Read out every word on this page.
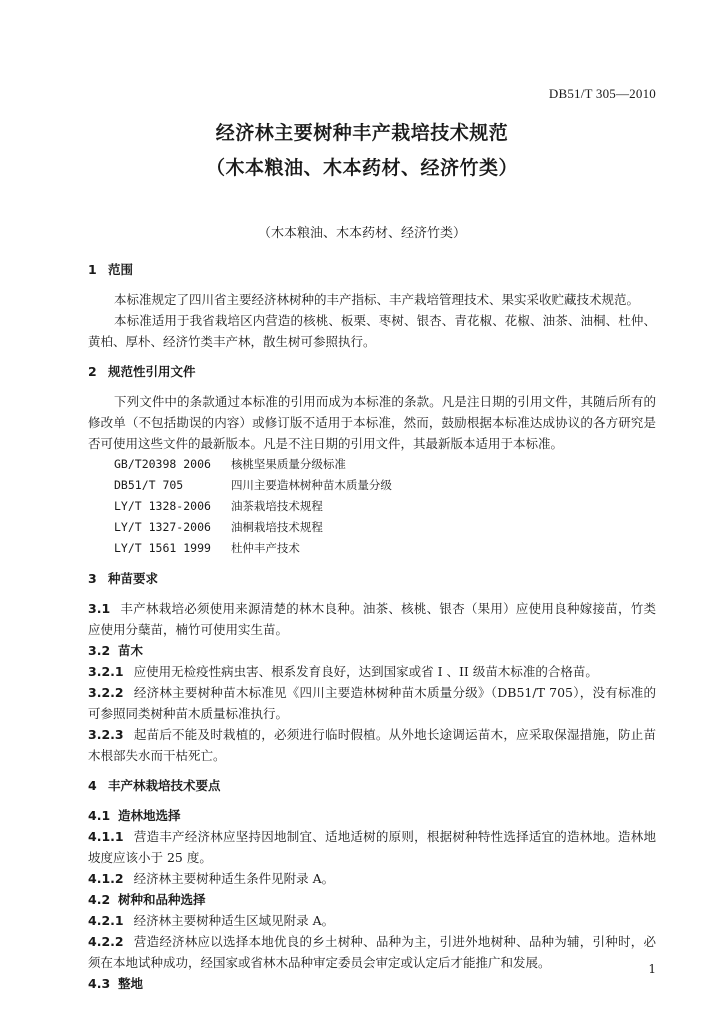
DB51/T 305—2010
经济林主要树种丰产栽培技术规范
（木本粮油、木本药材、经济竹类）
（木本粮油、木本药材、经济竹类）
1 范围
本标准规定了四川省主要经济林树种的丰产指标、丰产栽培管理技术、果实采收贮藏技术规范。
本标准适用于我省栽培区内营造的核桃、板栗、枣树、银杏、青花椒、花椒、油茶、油桐、杜仲、黄柏、厚朴、经济竹类丰产林，散生树可参照执行。
2 规范性引用文件
下列文件中的条款通过本标准的引用而成为本标准的条款。凡是注日期的引用文件，其随后所有的修改单（不包括勘误的内容）或修订版不适用于本标准，然而，鼓励根据本标准达成协议的各方研究是否可使用这些文件的最新版本。凡是不注日期的引用文件，其最新版本适用于本标准。
GB/T20398 2006 核桃坚果质量分级标准
DB51/T 705	四川主要造林树种苗木质量分级
LY/T 1328-2006 油茶栽培技术规程
LY/T 1327-2006 油桐栽培技术规程
LY/T 1561 1999 杜仲丰产技术
3 种苗要求
3.1 丰产林栽培必须使用来源清楚的林木良种。油茶、核桃、银杏（果用）应使用良种嫁接苗，竹类应使用分蘖苗，楠竹可使用实生苗。
3.2 苗木
3.2.1 应使用无检疫性病虫害、根系发育良好，达到国家或省 I 、II 级苗木标准的合格苗。
3.2.2 经济林主要树种苗木标准见《四川主要造林树种苗木质量分级》（DB51/T 705），没有标准的可参照同类树种苗木质量标准执行。
3.2.3 起苗后不能及时栽植的，必须进行临时假植。从外地长途调运苗木，应采取保湿措施，防止苗木根部失水而干枯死亡。
4 丰产林栽培技术要点
4.1 造林地选择
4.1.1 营造丰产经济林应坚持因地制宜、适地适树的原则，根据树种特性选择适宜的造林地。造林地坡度应该小于 25 度。
4.1.2 经济林主要树种适生条件见附录 A。
4.2 树种和品种选择
4.2.1 经济林主要树种适生区域见附录 A。
4.2.2 营造经济林应以选择本地优良的乡土树种、品种为主，引进外地树种、品种为辅，引种时，必须在本地试种成功，经国家或省林木品种审定委员会审定或认定后才能推广和发展。
4.3 整地
1
